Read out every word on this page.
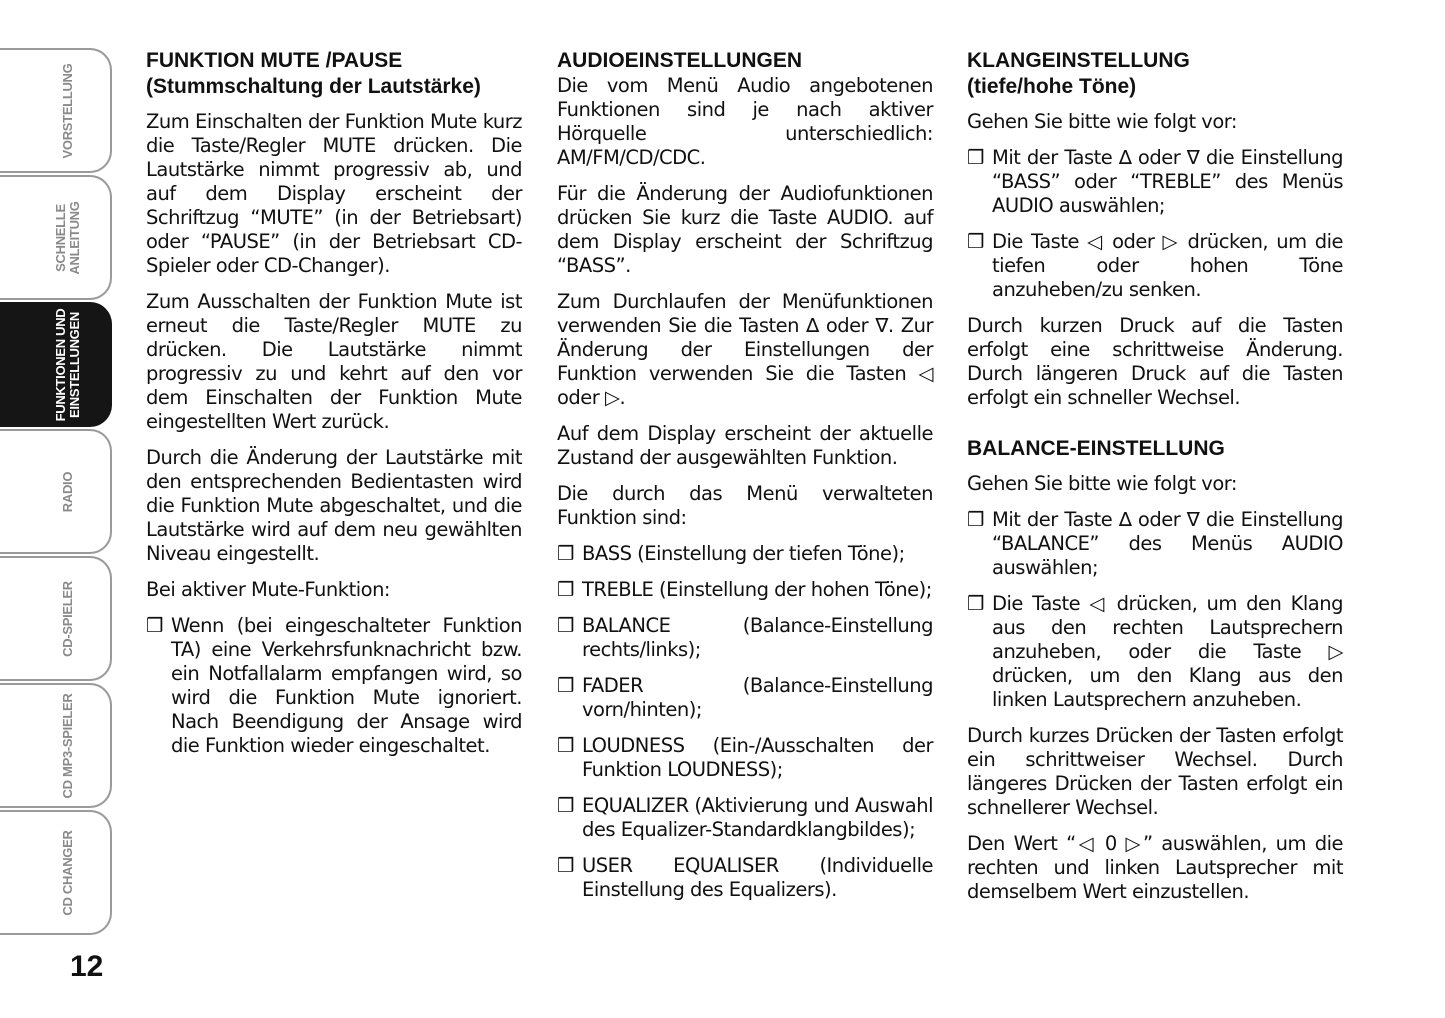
VORSTELLUNG
SCHNELLE
ANLEITUNG
FUNKTIONEN UND
EINSTELLUNGEN
RADIO
CD-SPIELER
CD MP3-SPIELER
CD CHANGER
12
FUNKTION MUTE /PAUSE
(Stummschaltung der Lautstärke)
Zum Einschalten der Funktion Mute kurz die Taste/Regler MUTE drücken. Die Lautstärke nimmt progressiv ab, und auf dem Display erscheint der Schriftzug “MUTE” (in der Betriebsart) oder “PAUSE” (in der Betriebsart CD-Spieler oder CD-Changer).
Zum Ausschalten der Funktion Mute ist erneut die Taste/Regler MUTE zu drücken. Die Lautstärke nimmt progressiv zu und kehrt auf den vor dem Einschalten der Funktion Mute eingestellten Wert zurück.
Durch die Änderung der Lautstärke mit den entsprechenden Bedientasten wird die Funktion Mute abgeschaltet, und die Lautstärke wird auf dem neu gewählten Niveau eingestellt.
Bei aktiver Mute-Funktion:
❒ Wenn (bei eingeschalteter Funktion TA) eine Verkehrsfunknachricht bzw. ein Notfallalarm empfangen wird, so wird die Funktion Mute ignoriert. Nach Beendigung der Ansage wird die Funktion wieder eingeschaltet.
AUDIOEINSTELLUNGEN
Die vom Menü Audio angebotenen Funktionen sind je nach aktiver Hörquelle unterschiedlich: AM/FM/CD/CDC.
Für die Änderung der Audiofunktionen drücken Sie kurz die Taste AUDIO. auf dem Display erscheint der Schriftzug “BASS”.
Zum Durchlaufen der Menüfunktionen verwenden Sie die Tasten ∆ oder ∇. Zur Änderung der Einstellungen der Funktion verwenden Sie die Tasten ◁ oder ▷.
Auf dem Display erscheint der aktuelle Zustand der ausgewählten Funktion.
Die durch das Menü verwalteten Funktion sind:
❒ BASS (Einstellung der tiefen Töne);
❒ TREBLE (Einstellung der hohen Töne);
❒ BALANCE (Balance-Einstellung rechts/links);
❒ FADER (Balance-Einstellung vorn/hinten);
❒ LOUDNESS (Ein-/Ausschalten der Funktion LOUDNESS);
❒ EQUALIZER (Aktivierung und Auswahl des Equalizer-Standardklangbildes);
❒ USER EQUALISER (Individuelle Einstellung des Equalizers).
KLANGEINSTELLUNG
(tiefe/hohe Töne)
Gehen Sie bitte wie folgt vor:
❒ Mit der Taste ∆ oder ∇ die Einstellung “BASS” oder “TREBLE” des Menüs AUDIO auswählen;
❒ Die Taste ◁ oder ▷ drücken, um die tiefen oder hohen Töne anzuheben/zu senken.
Durch kurzen Druck auf die Tasten erfolgt eine schrittweise Änderung. Durch längeren Druck auf die Tasten erfolgt ein schneller Wechsel.
BALANCE-EINSTELLUNG
Gehen Sie bitte wie folgt vor:
❒ Mit der Taste ∆ oder ∇ die Einstellung “BALANCE” des Menüs AUDIO auswählen;
❒ Die Taste ◁ drücken, um den Klang aus den rechten Lautsprechern anzuheben, oder die Taste ▷ drücken, um den Klang aus den linken Lautsprechern anzuheben.
Durch kurzes Drücken der Tasten erfolgt ein schrittweiser Wechsel. Durch längeres Drücken der Tasten erfolgt ein schnellerer Wechsel.
Den Wert “◁ 0 ▷” auswählen, um die rechten und linken Lautsprecher mit demselbem Wert einzustellen.
